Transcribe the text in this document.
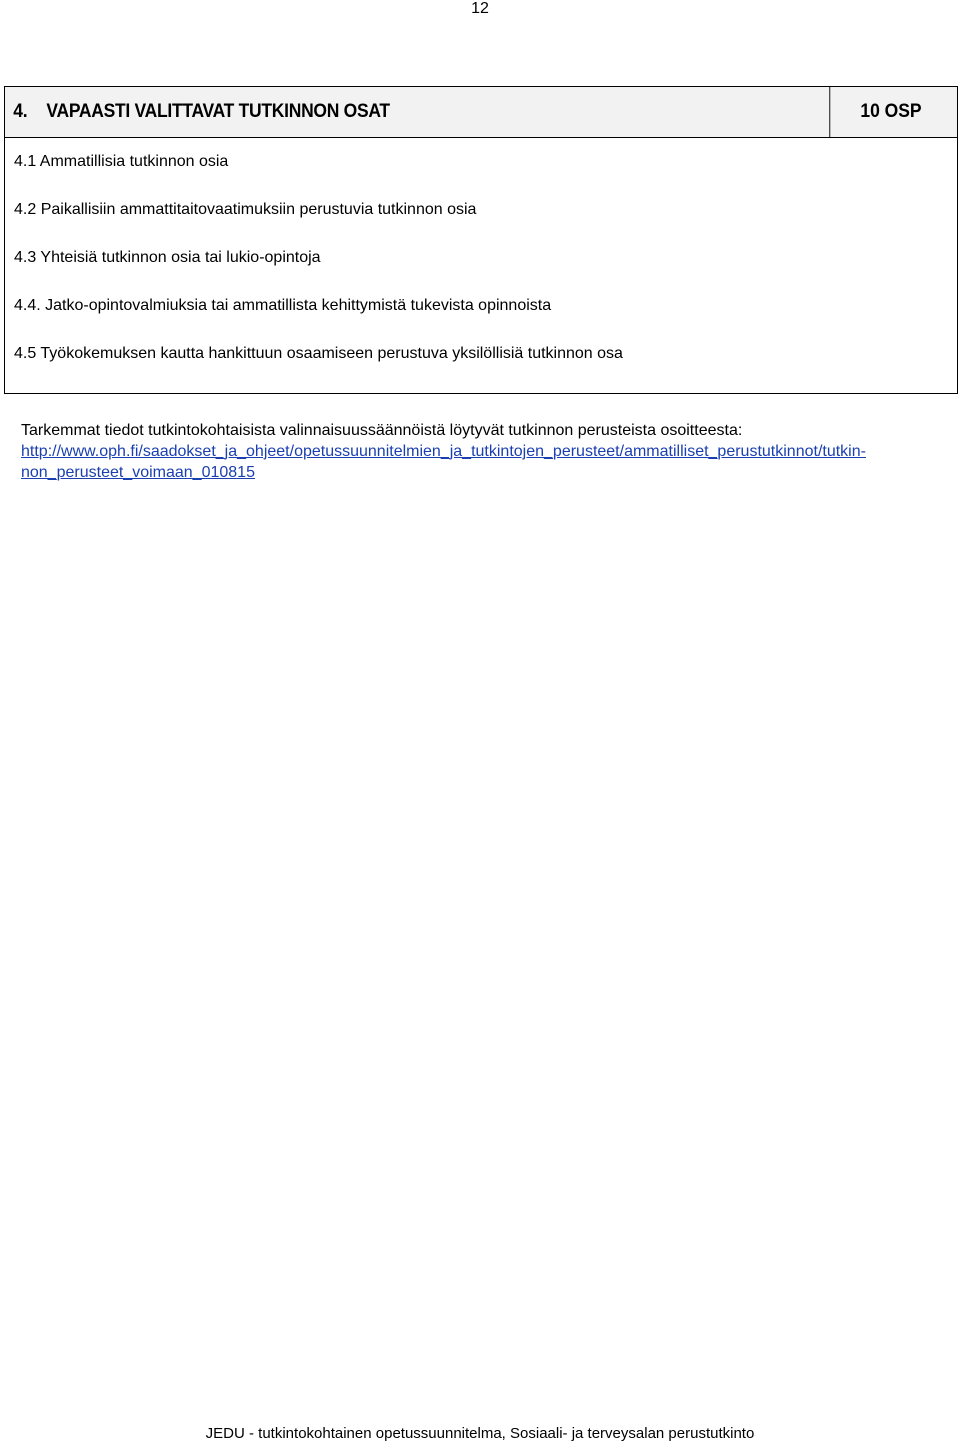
12
4.	VAPAASTI VALITTAVAT TUTKINNON OSAT	10 OSP
4.1 Ammatillisia tutkinnon osia
4.2 Paikallisiin ammattitaitovaatimuksiin perustuvia tutkinnon osia
4.3 Yhteisiä tutkinnon osia tai lukio-opintoja
4.4. Jatko-opintovalmiuksia tai ammatillista kehittymistä tukevista opinnoista
4.5 Työkokemuksen kautta hankittuun osaamiseen perustuva yksilöllisiä tutkinnon osa
Tarkemmat tiedot tutkintokohtaisista valinnaisuussäännöistä löytyvät tutkinnon perusteista osoitteesta:
http://www.oph.fi/saadokset_ja_ohjeet/opetussuunnitelmien_ja_tutkintojen_perusteet/ammatilliset_perustutkinnot/tutkin-
non_perusteet_voimaan_010815
JEDU - tutkintokohtainen opetussuunnitelma, Sosiaali- ja terveysalan perustutkinto
